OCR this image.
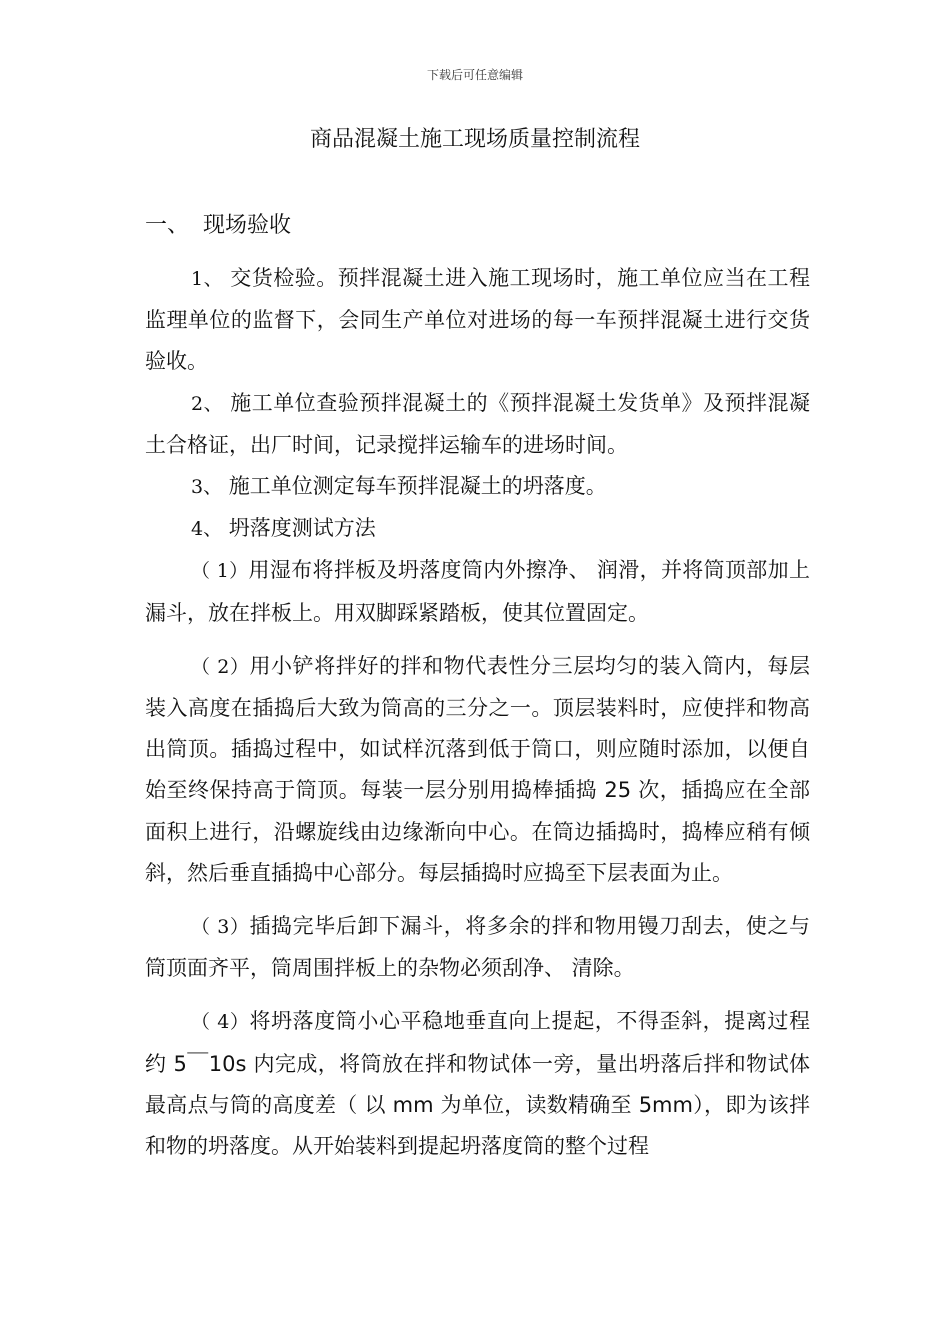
下载后可任意编辑
商品混凝土施工现场质量控制流程
一、 现场验收

1、 交货检验。预拌混凝土进入施工现场时，施工单位应当在工程监理单位的监督下，会同生产单位对进场的每一车预拌混凝土进行交货验收。

2、 施工单位查验预拌混凝土的《预拌混凝土发货单》及预拌混凝土合格证，出厂时间，记录搅拌运输车的进场时间。

3、 施工单位测定每车预拌混凝土的坍落度。

4、 坍落度测试方法

（ 1）用湿布将拌板及坍落度筒内外擦净、 润滑，并将筒顶部加上漏斗，放在拌板上。用双脚踩紧踏板，使其位置固定。

（ 2）用小铲将拌好的拌和物代表性分三层均匀的装入筒内，每层装入高度在插捣后大致为筒高的三分之一。顶层装料时，应使拌和物高出筒顶。插捣过程中，如试样沉落到低于筒口，则应随时添加，以便自始至终保持高于筒顶。每装一层分别用捣棒插捣 25 次，插捣应在全部面积上进行，沿螺旋线由边缘渐向中心。在筒边插捣时，捣棒应稍有倾斜，然后垂直插捣中心部分。每层插捣时应捣至下层表面为止。

（ 3）插捣完毕后卸下漏斗，将多余的拌和物用镘刀刮去，使之与筒顶面齐平，筒周围拌板上的杂物必须刮净、 清除。

（ 4）将坍落度筒小心平稳地垂直向上提起，不得歪斜，提离过程约 5￣10s 内完成，将筒放在拌和物试体一旁，量出坍落后拌和物试体最高点与筒的高度差（ 以 mm 为单位，读数精确至 5mm），即为该拌和物的坍落度。从开始装料到提起坍落度筒的整个过程
